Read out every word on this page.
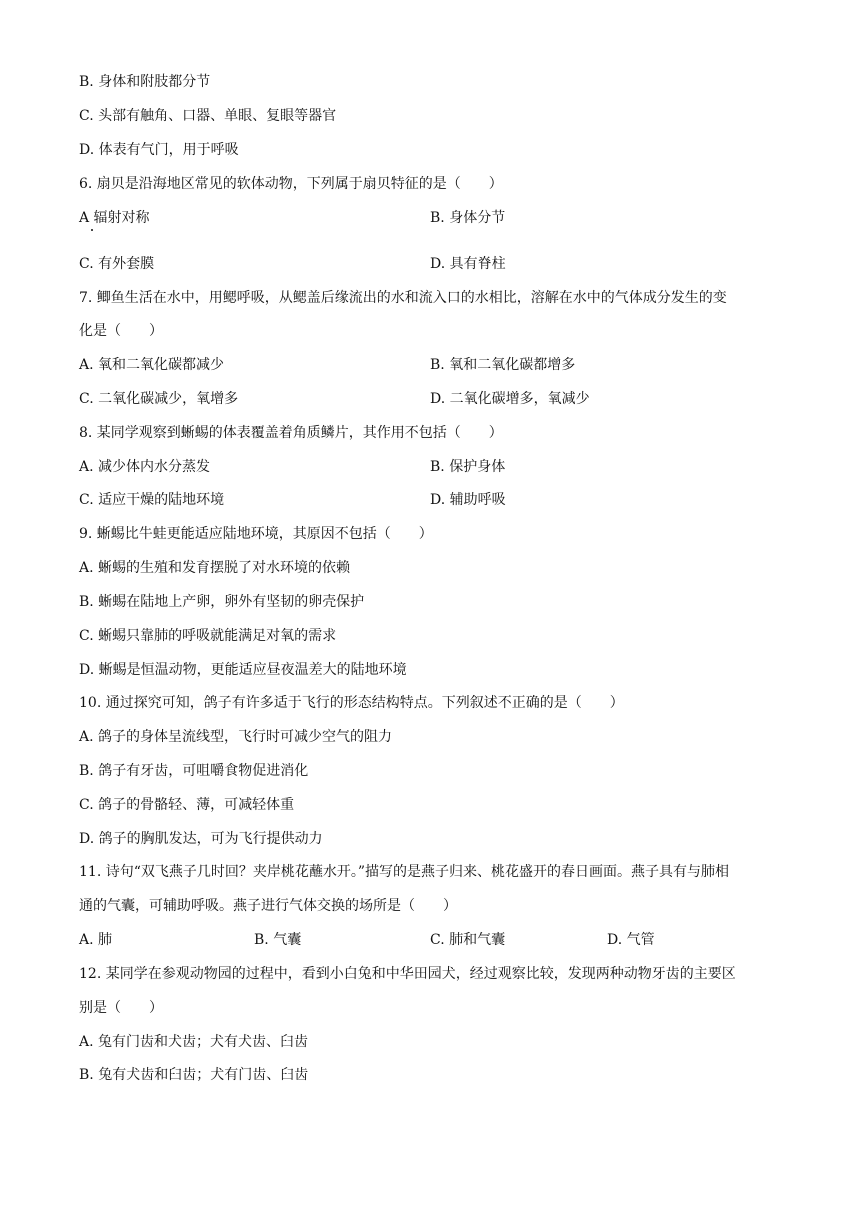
B. 身体和附肢都分节
C. 头部有触角、口器、单眼、复眼等器官
D. 体表有气门，用于呼吸
6. 扇贝是沿海地区常见的软体动物，下列属于扇贝特征的是（　　）
A 辐射对称	B. 身体分节
C. 有外套膜	D. 具有脊柱
7. 鲫鱼生活在水中，用鳃呼吸，从鳃盖后缘流出的水和流入口的水相比，溶解在水中的气体成分发生的变
化是（　　）
A. 氧和二氧化碳都减少	B. 氧和二氧化碳都增多
C. 二氧化碳减少，氧增多	D. 二氧化碳增多，氧减少
8. 某同学观察到蜥蜴的体表覆盖着角质鳞片，其作用不包括（　　）
A. 减少体内水分蒸发	B. 保护身体
C. 适应干燥的陆地环境	D. 辅助呼吸
9. 蜥蜴比牛蛙更能适应陆地环境，其原因不包括（　　）
A. 蜥蜴的生殖和发育摆脱了对水环境的依赖
B. 蜥蜴在陆地上产卵，卵外有坚韧的卵壳保护
C. 蜥蜴只靠肺的呼吸就能满足对氧的需求
D. 蜥蜴是恒温动物，更能适应昼夜温差大的陆地环境
10. 通过探究可知，鸽子有许多适于飞行的形态结构特点。下列叙述不正确的是（　　）
A. 鸽子的身体呈流线型，飞行时可减少空气的阻力
B. 鸽子有牙齿，可咀嚼食物促进消化
C. 鸽子的骨骼轻、薄，可减轻体重
D. 鸽子的胸肌发达，可为飞行提供动力
11. 诗句“双飞燕子几时回？夹岸桃花蘸水开。”描写的是燕子归来、桃花盛开的春日画面。燕子具有与肺相
通的气囊，可辅助呼吸。燕子进行气体交换的场所是（　　）
A. 肺	B. 气囊	C. 肺和气囊	D. 气管
12. 某同学在参观动物园的过程中，看到小白兔和中华田园犬，经过观察比较，发现两种动物牙齿的主要区
别是（　　）
A. 兔有门齿和犬齿；犬有犬齿、臼齿
B. 兔有犬齿和臼齿；犬有门齿、臼齿
